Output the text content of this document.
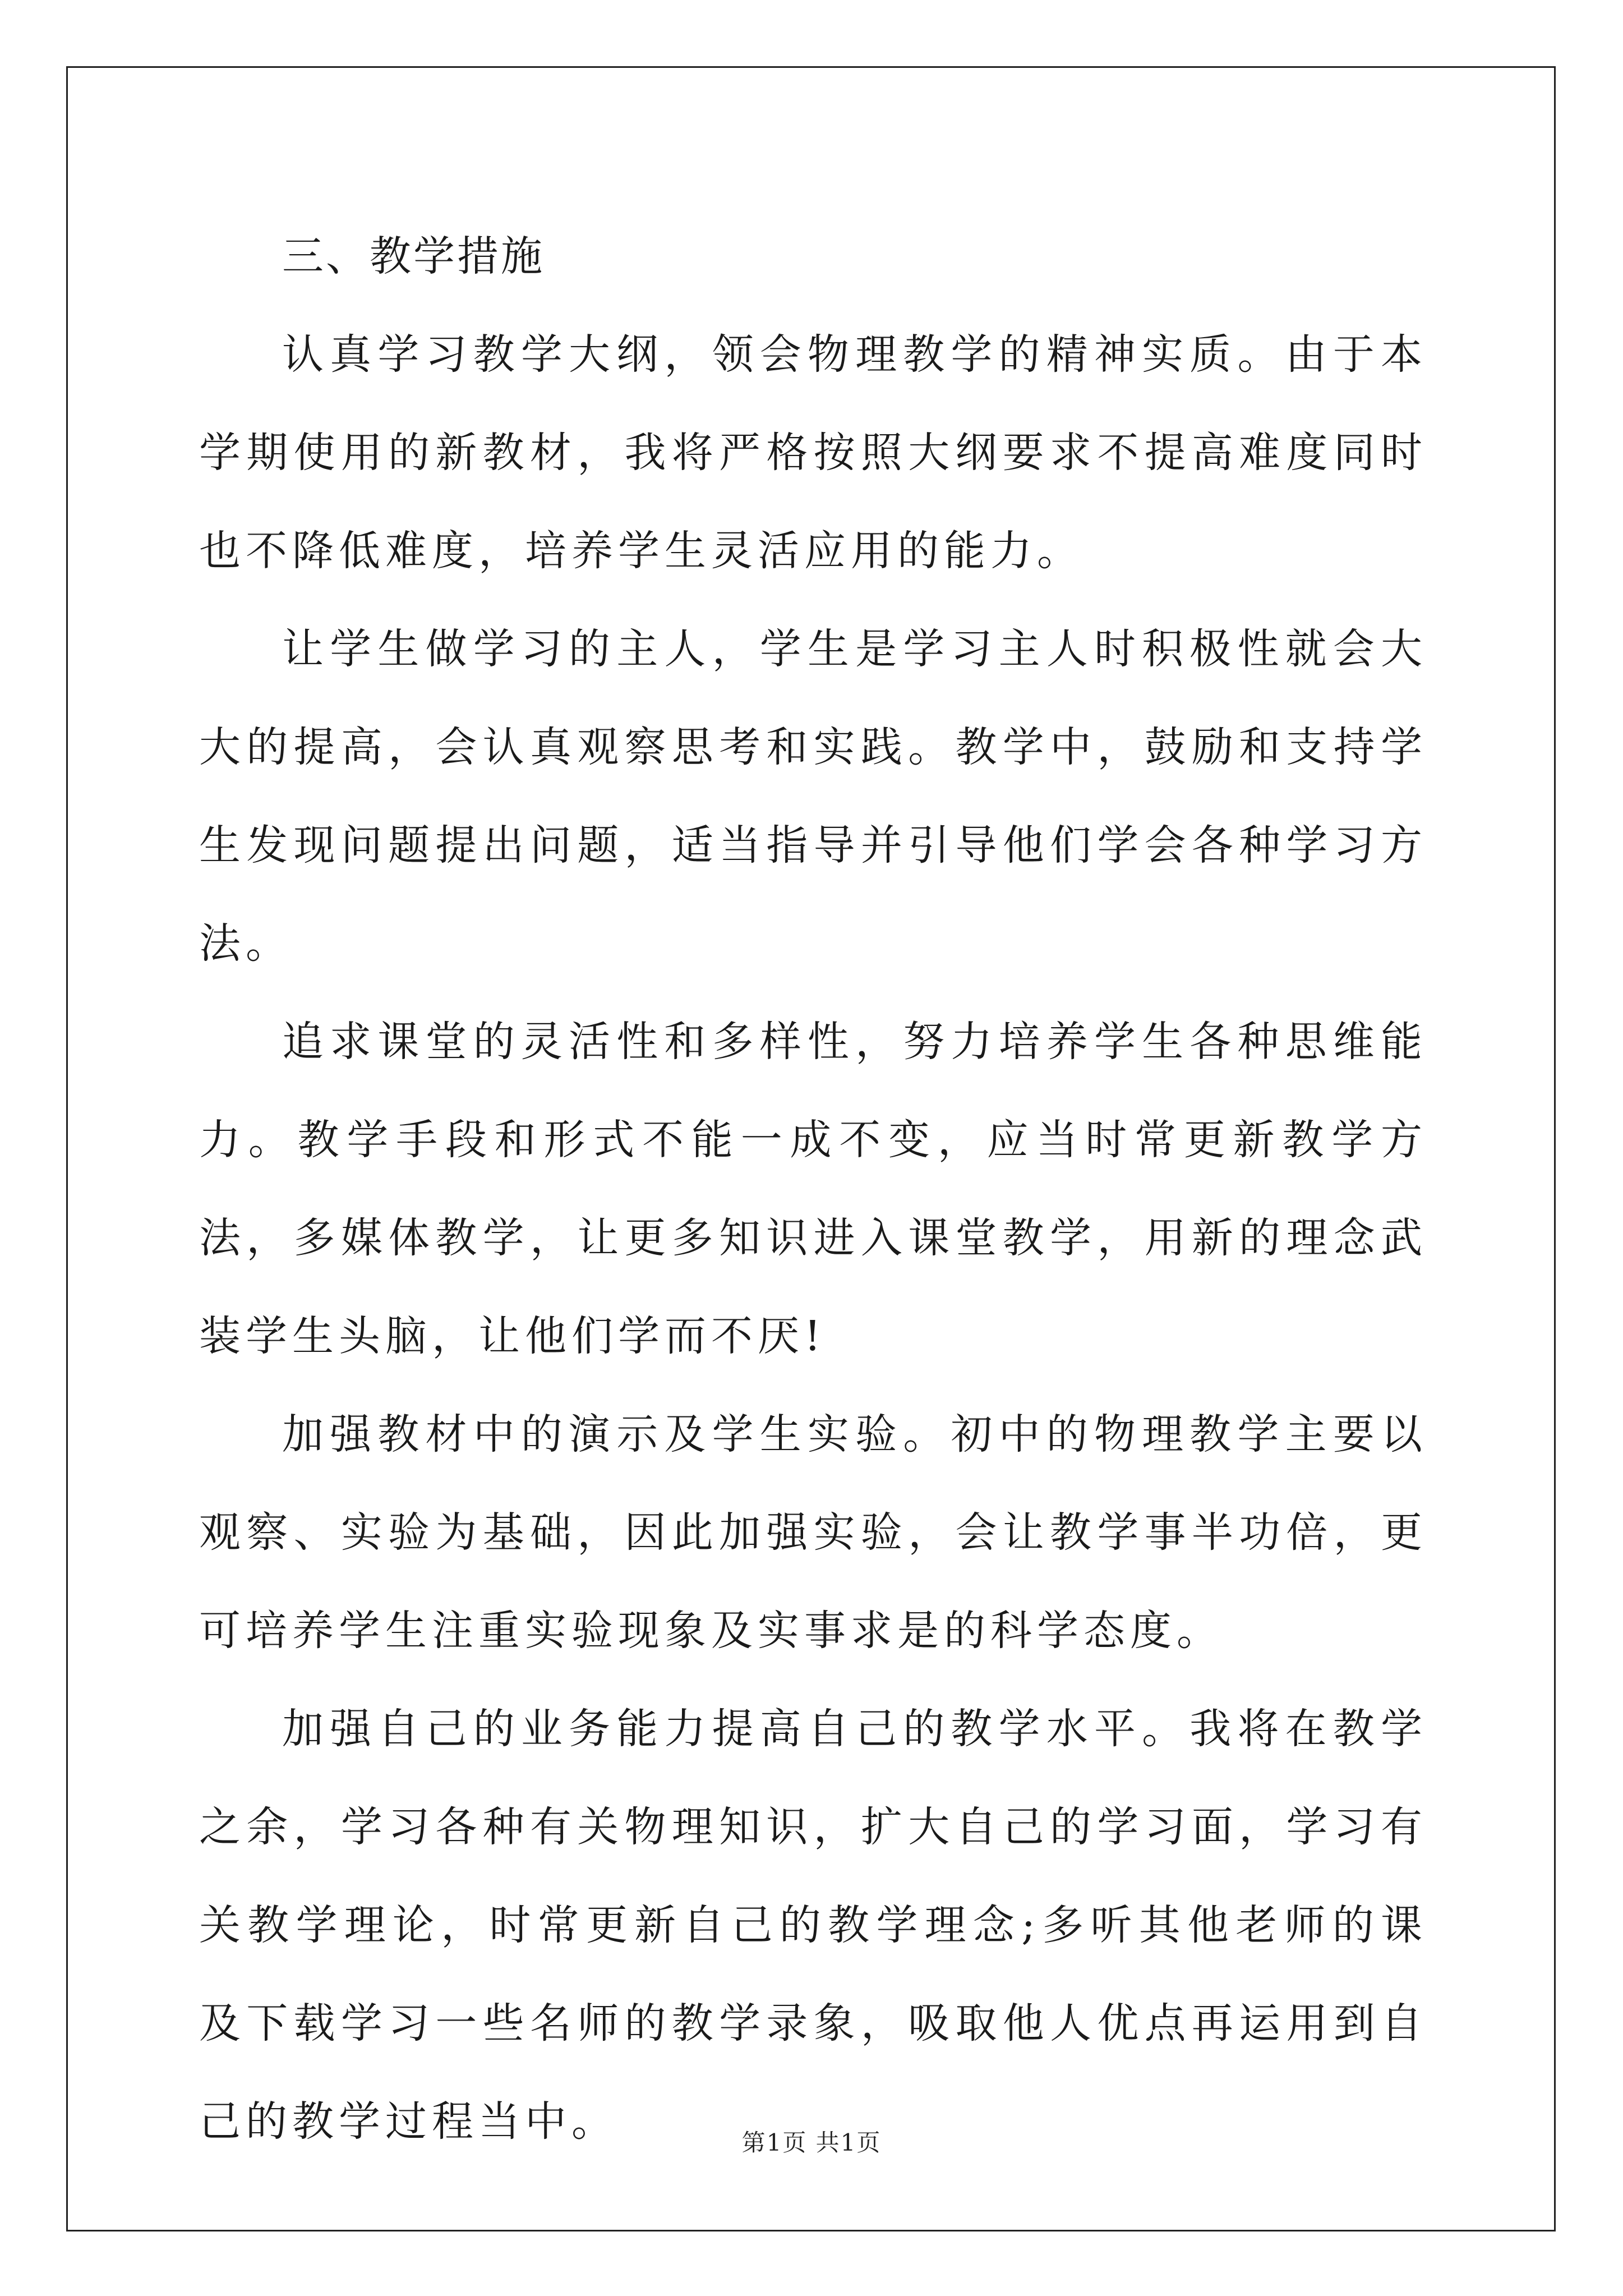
三、教学措施

认真学习教学大纲，领会物理教学的精神实质。由于本学期使用的新教材，我将严格按照大纲要求不提高难度同时也不降低难度，培养学生灵活应用的能力。

让学生做学习的主人，学生是学习主人时积极性就会大大的提高，会认真观察思考和实践。教学中，鼓励和支持学生发现问题提出问题，适当指导并引导他们学会各种学习方法。

追求课堂的灵活性和多样性，努力培养学生各种思维能力。教学手段和形式不能一成不变，应当时常更新教学方法，多媒体教学，让更多知识进入课堂教学，用新的理念武装学生头脑，让他们学而不厌!

加强教材中的演示及学生实验。初中的物理教学主要以观察、实验为基础，因此加强实验，会让教学事半功倍，更可培养学生注重实验现象及实事求是的科学态度。

加强自己的业务能力提高自己的教学水平。我将在教学之余，学习各种有关物理知识，扩大自己的学习面，学习有关教学理论，时常更新自己的教学理念;多听其他老师的课及下载学习一些名师的教学录象，吸取他人优点再运用到自己的教学过程当中。	第1页 共1页
